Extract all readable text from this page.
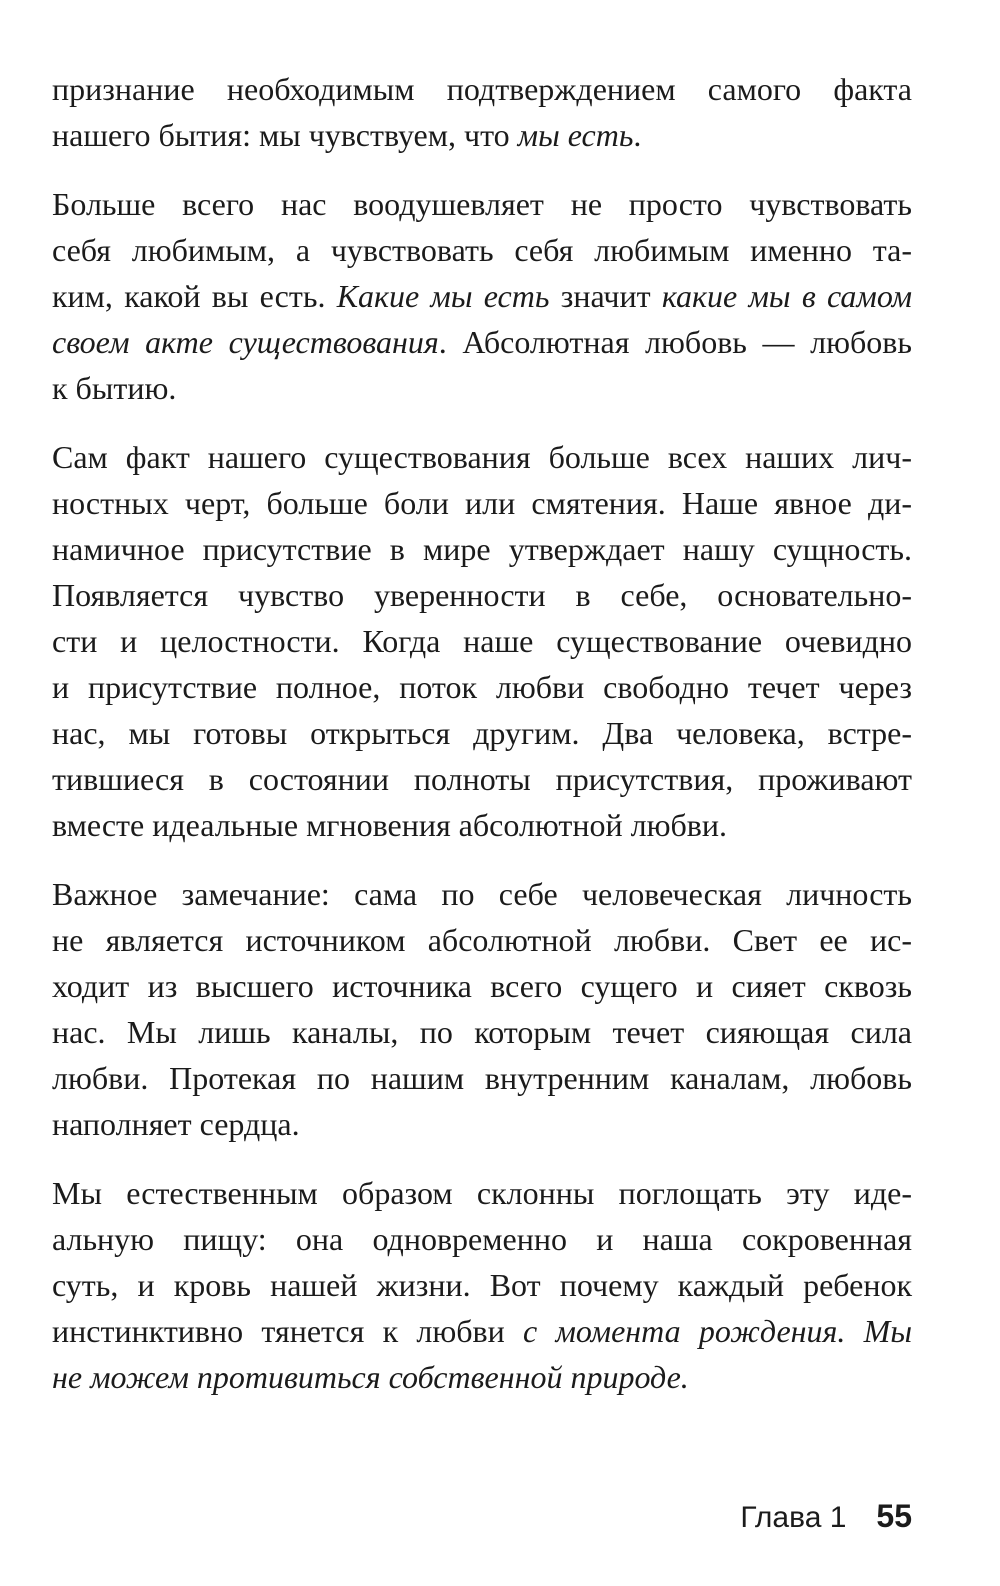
признание необходимым подтверждением самого факта
нашего бытия: мы чувствуем, что мы есть.
Больше всего нас воодушевляет не просто чувствовать
себя любимым, а чувствовать себя любимым именно та-
ким, какой вы есть. Какие мы есть значит какие мы в самом
своем акте существования. Абсолютная любовь — любовь
к бытию.
Сам факт нашего существования больше всех наших лич-
ностных черт, больше боли или смятения. Наше явное ди-
намичное присутствие в мире утверждает нашу сущность.
Появляется чувство уверенности в себе, основательно-
сти и целостности. Когда наше существование очевидно
и присутствие полное, поток любви свободно течет через
нас, мы готовы открыться другим. Два человека, встре-
тившиеся в состоянии полноты присутствия, проживают
вместе идеальные мгновения абсолютной любви.
Важное замечание: сама по себе человеческая личность
не является источником абсолютной любви. Свет ее ис-
ходит из высшего источника всего сущего и сияет сквозь
нас. Мы лишь каналы, по которым течет сияющая сила
любви. Протекая по нашим внутренним каналам, любовь
наполняет сердца.
Мы естественным образом склонны поглощать эту иде-
альную пищу: она одновременно и наша сокровенная
суть, и кровь нашей жизни. Вот почему каждый ребенок
инстинктивно тянется к любви с момента рождения. Мы
не можем противиться собственной природе.
Глава 1 55
